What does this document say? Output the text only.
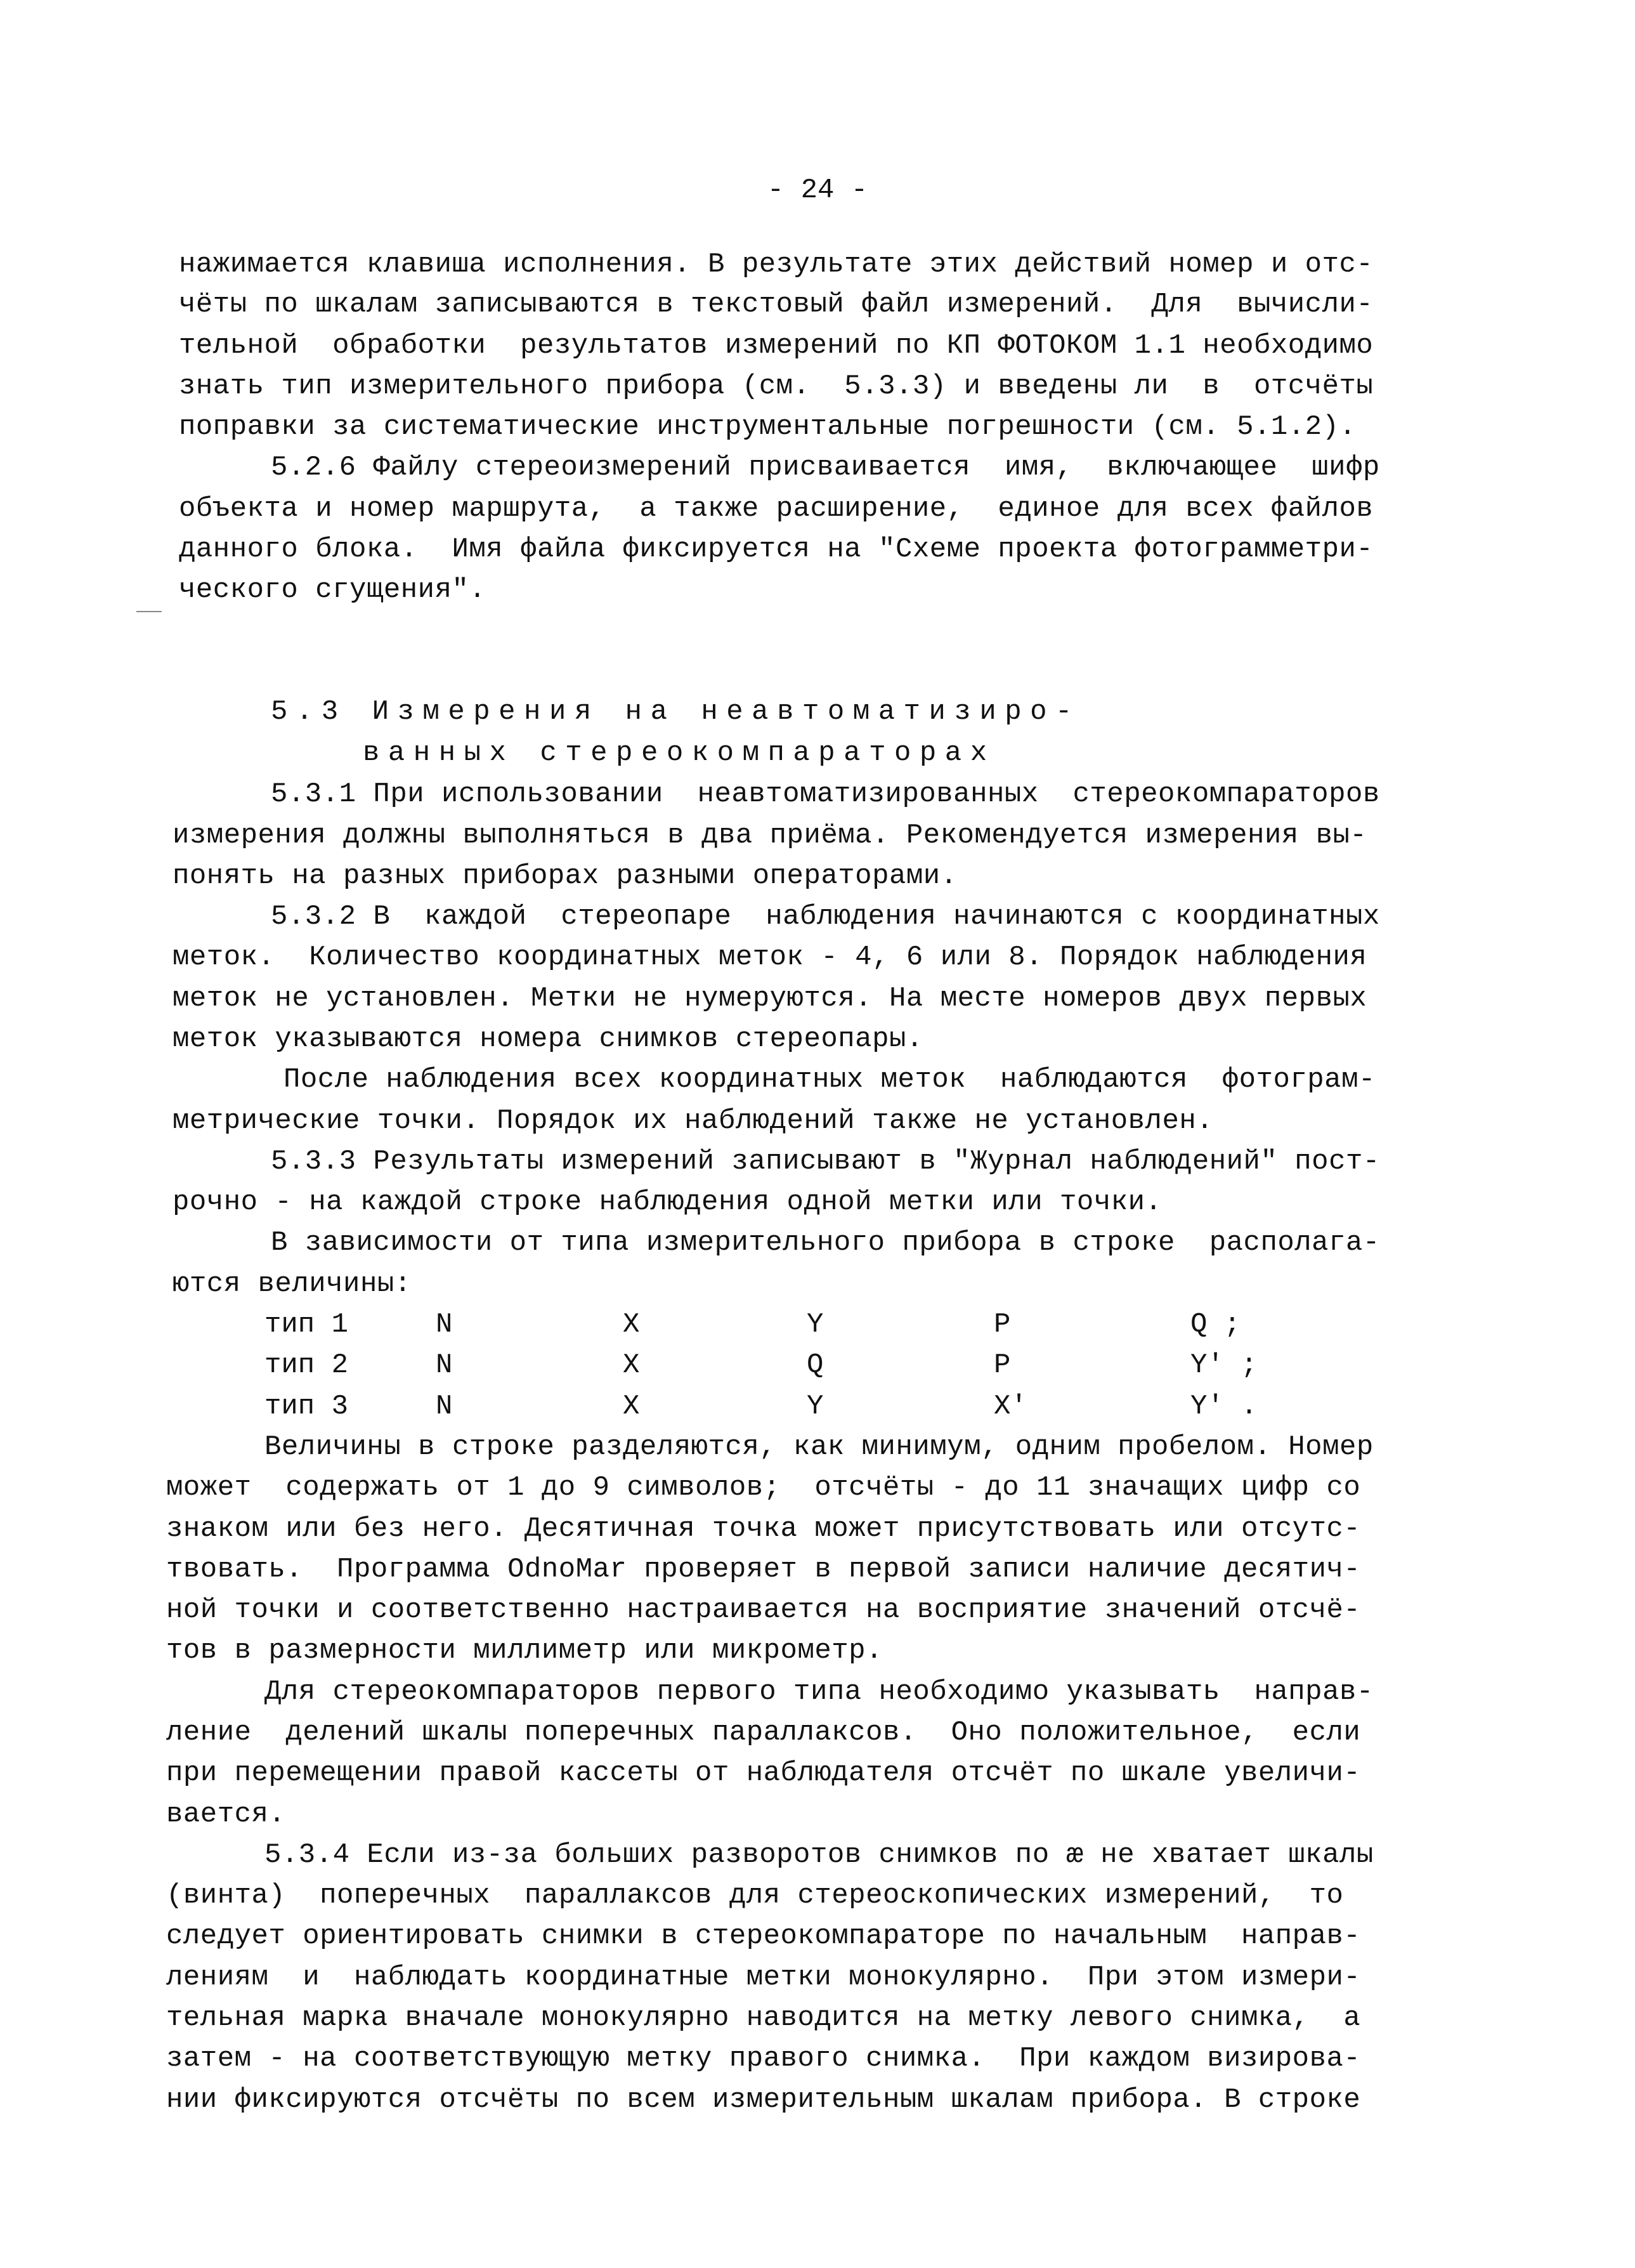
- 24 -
нажимается клавиша исполнения. В результате этих действий номер и отс-
чёты по шкалам записываются в текстовый файл измерений.  Для  вычисли-
тельной  обработки  результатов измерений по КП ФОТОКОМ 1.1 необходимо
знать тип измерительного прибора (см.  5.3.3) и введены ли  в  отсчёты
поправки за систематические инструментальные погрешности (см. 5.1.2).
5.2.6 Файлу стереоизмерений присваивается  имя,  включающее  шифр
объекта и номер маршрута,  а также расширение,  единое для всех файлов
данного блока.  Имя файла фиксируется на "Схеме проекта фотограмметри-
ческого сгущения".
5.3 Измерения на неавтоматизиро-
ванных стереокомпараторах
5.3.1 При использовании  неавтоматизированных  стереокомпараторов
измерения должны выполняться в два приёма. Рекомендуется измерения вы-
понять на разных приборах разными операторами.
5.3.2 В  каждой  стереопаре  наблюдения начинаются с координатных
меток.  Количество координатных меток - 4, 6 или 8. Порядок наблюдения
меток не установлен. Метки не нумеруются. На месте номеров двух первых
меток указываются номера снимков стереопары.
После наблюдения всех координатных меток  наблюдаются  фотограм-
метрические точки. Порядок их наблюдений также не установлен.
5.3.3 Результаты измерений записывают в "Журнал наблюдений" пост-
рочно - на каждой строке наблюдения одной метки или точки.
В зависимости от типа измерительного прибора в строке  располага-
ются величины:
тип 1	N	X	Y	P	Q ;
тип 2	N	X	Q	P	Y' ;
тип 3	N	X	Y	X'	Y' .
Величины в строке разделяются, как минимум, одним пробелом. Номер
может  содержать от 1 до 9 символов;  отсчёты - до 11 значащих цифр со
знаком или без него. Десятичная точка может присутствовать или отсутс-
твовать.  Программа OdnoMar проверяет в первой записи наличие десятич-
ной точки и соответственно настраивается на восприятие значений отсчё-
тов в размерности миллиметр или микрометр.
Для стереокомпараторов первого типа необходимо указывать  направ-
ление  делений шкалы поперечных параллаксов.  Оно положительное,  если
при перемещении правой кассеты от наблюдателя отсчёт по шкале увеличи-
вается.
5.3.4 Если из-за больших разворотов снимков по æ не хватает шкалы
(винта)  поперечных  параллаксов для стереоскопических измерений,  то
следует ориентировать снимки в стереокомпараторе по начальным  направ-
лениям  и  наблюдать координатные метки монокулярно.  При этом измери-
тельная марка вначале монокулярно наводится на метку левого снимка,  а
затем - на соответствующую метку правого снимка.  При каждом визирова-
нии фиксируются отсчёты по всем измерительным шкалам прибора. В строке
